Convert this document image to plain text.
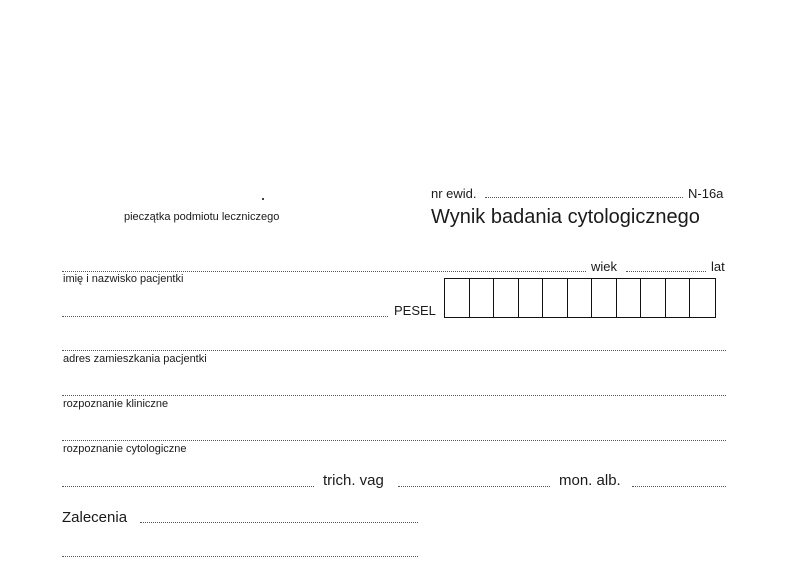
pieczątka podmiotu leczniczego
nr ewid.	N-16a
Wynik badania cytologicznego
wiek	lat
imię i nazwisko pacjentki
PESEL
adres zamieszkania pacjentki
rozpoznanie kliniczne
rozpoznanie cytologiczne
trich. vag	mon. alb.
Zalecenia
